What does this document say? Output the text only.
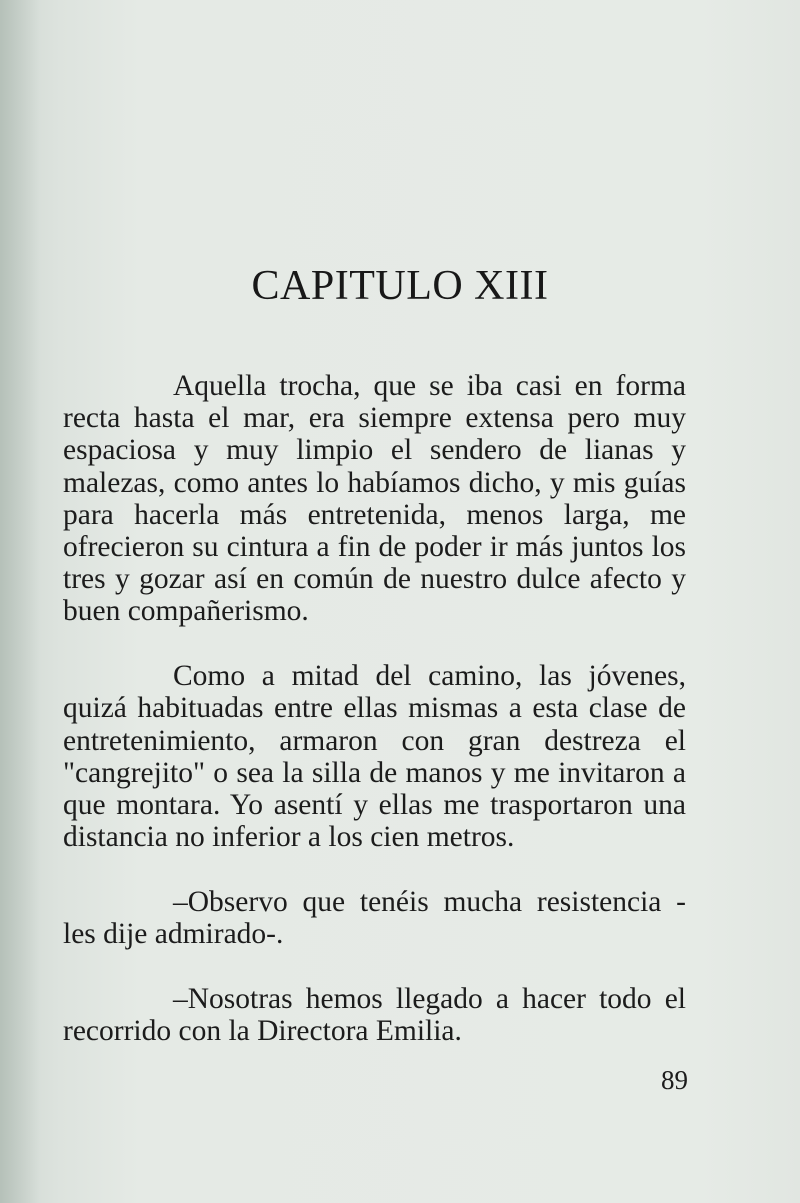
CAPITULO XIII

Aquella trocha, que se iba casi en forma recta hasta el mar, era siempre extensa pero muy espaciosa y muy limpio el sendero de lianas y malezas, como antes lo habíamos dicho, y mis guías para hacerla más entretenida, menos larga, me ofrecieron su cintura a fin de poder ir más juntos los tres y gozar así en común de nuestro dulce afecto y buen compañerismo.

Como a mitad del camino, las jóvenes, quizá habituadas entre ellas mismas a esta clase de entretenimiento, armaron con gran destreza el "cangrejito" o sea la silla de manos y me invitaron a que montara. Yo asentí y ellas me trasportaron una distancia no inferior a los cien metros.

–Observo que tenéis mucha resistencia - les dije admirado-.

–Nosotras hemos llegado a hacer todo el recorrido con la Directora Emilia.

89
